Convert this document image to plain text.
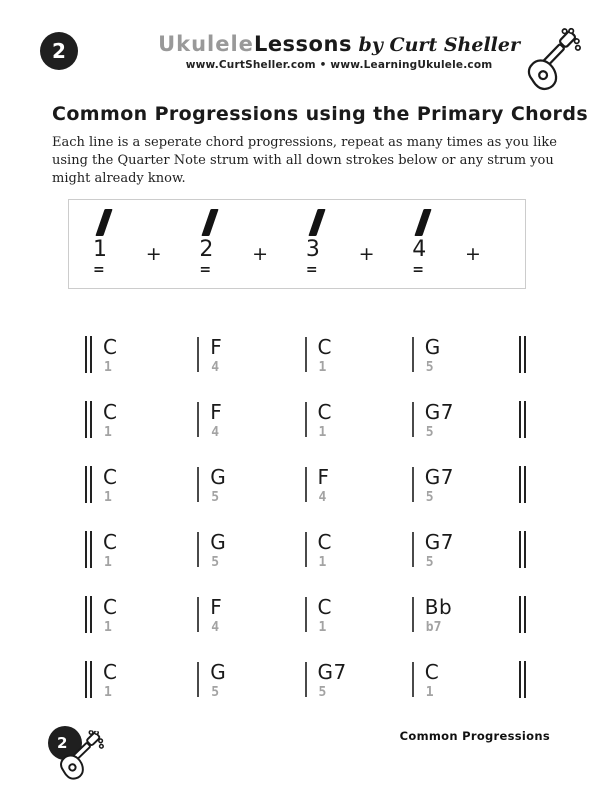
2	UkuleleLessons by Curt Sheller
www.CurtSheller.com • www.LearningUkulele.com
Common Progressions using the Primary Chords
Each line is a seperate chord progressions, repeat as many times as you like using the Quarter Note strum with all down strokes below or any strum you might already know.
1
=
+ 2
=
+ 3
=
+ 4
=
+
C
1
F
4
C
1
G
5
C
1
F
4
C
1
G7
5
C
1
G
5
F
4
G7
5
C
1
G
5
C
1
G7
5
C
1
F
4
C
1
Bb
b7
C
1
G
5
G7
5
C
1
2	Common Progressions
